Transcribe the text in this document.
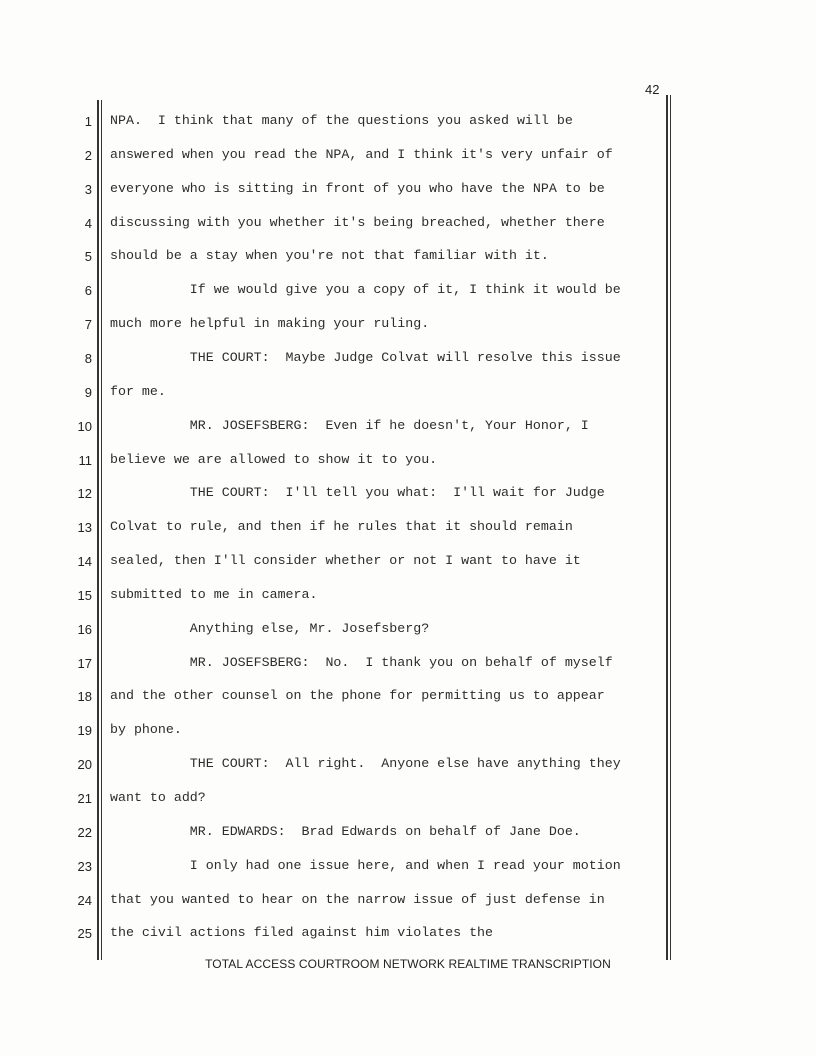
42
1 NPA.  I think that many of the questions you asked will be
2 answered when you read the NPA, and I think it's very unfair of
3 everyone who is sitting in front of you who have the NPA to be
4 discussing with you whether it's being breached, whether there
5 should be a stay when you're not that familiar with it.
6 If we would give you a copy of it, I think it would be
7 much more helpful in making your ruling.
8 THE COURT:  Maybe Judge Colvat will resolve this issue
9 for me.
10 MR. JOSEFSBERG:  Even if he doesn't, Your Honor, I
11 believe we are allowed to show it to you.
12 THE COURT:  I'll tell you what:  I'll wait for Judge
13 Colvat to rule, and then if he rules that it should remain
14 sealed, then I'll consider whether or not I want to have it
15 submitted to me in camera.
16 Anything else, Mr. Josefsberg?
17 MR. JOSEFSBERG:  No.  I thank you on behalf of myself
18 and the other counsel on the phone for permitting us to appear
19 by phone.
20 THE COURT:  All right.  Anyone else have anything they
21 want to add?
22 MR. EDWARDS:  Brad Edwards on behalf of Jane Doe.
23 I only had one issue here, and when I read your motion
24 that you wanted to hear on the narrow issue of just defense in
25 the civil actions filed against him violates the
TOTAL ACCESS COURTROOM NETWORK REALTIME TRANSCRIPTION
